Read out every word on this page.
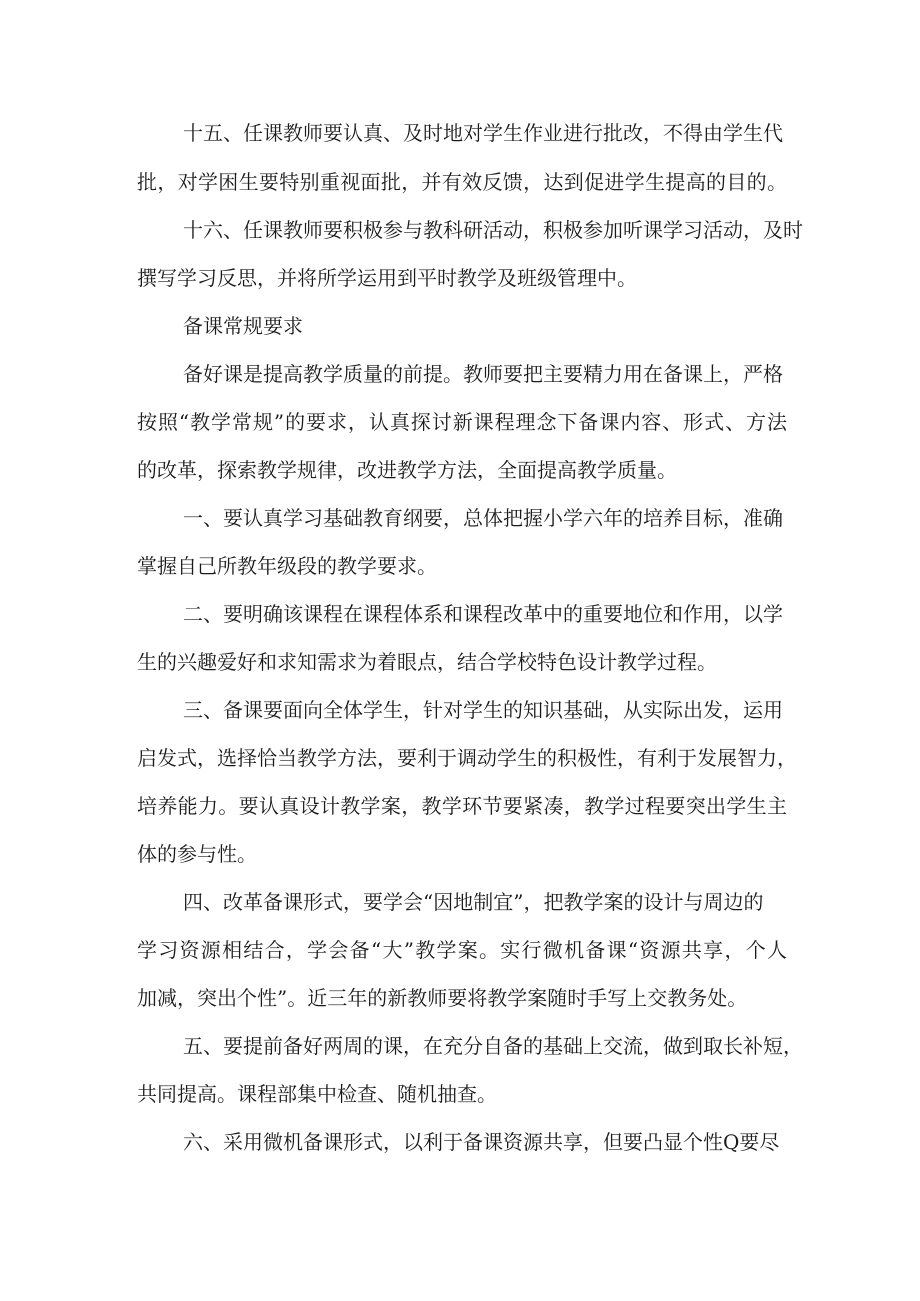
十五、任课教师要认真、及时地对学生作业进行批改，不得由学生代
批，对学困生要特别重视面批，并有效反馈，达到促进学生提高的目的。
十六、任课教师要积极参与教科研活动，积极参加听课学习活动，及时
撰写学习反思，并将所学运用到平时教学及班级管理中。
备课常规要求
备好课是提高教学质量的前提。教师要把主要精力用在备课上，严格
按照“教学常规”的要求，认真探讨新课程理念下备课内容、形式、方法
的改革，探索教学规律，改进教学方法，全面提高教学质量。
一、要认真学习基础教育纲要，总体把握小学六年的培养目标，准确
掌握自己所教年级段的教学要求。
二、要明确该课程在课程体系和课程改革中的重要地位和作用，以学
生的兴趣爱好和求知需求为着眼点，结合学校特色设计教学过程。
三、备课要面向全体学生，针对学生的知识基础，从实际出发，运用
启发式，选择恰当教学方法，要利于调动学生的积极性，有利于发展智力，
培养能力。要认真设计教学案，教学环节要紧凑，教学过程要突出学生主
体的参与性。
四、改革备课形式，要学会“因地制宜”，把教学案的设计与周边的
学习资源相结合，学会备“大”教学案。实行微机备课“资源共享，个人
加减，突出个性”。近三年的新教师要将教学案随时手写上交教务处。
五、要提前备好两周的课，在充分自备的基础上交流，做到取长补短，
共同提高。课程部集中检查、随机抽查。
六、采用微机备课形式，以利于备课资源共享，但要凸显个性Q要尽
